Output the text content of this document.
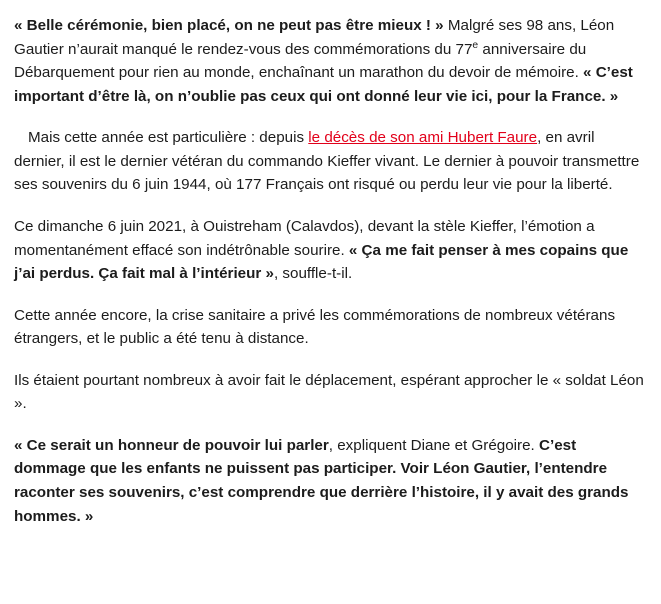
« Belle cérémonie, bien placé, on ne peut pas être mieux ! » Malgré ses 98 ans, Léon Gautier n’aurait manqué le rendez-vous des commémorations du 77e anniversaire du Débarquement pour rien au monde, enchaînant un marathon du devoir de mémoire. « C’est important d’être là, on n’oublie pas ceux qui ont donné leur vie ici, pour la France. »

Mais cette année est particulière : depuis le décès de son ami Hubert Faure, en avril dernier, il est le dernier vétéran du commando Kieffer vivant. Le dernier à pouvoir transmettre ses souvenirs du 6 juin 1944, où 177 Français ont risqué ou perdu leur vie pour la liberté.

Ce dimanche 6 juin 2021, à Ouistreham (Calavdos), devant la stèle Kieffer, l’émotion a momentanément effacé son indétrônable sourire. « Ça me fait penser à mes copains que j’ai perdus. Ça fait mal à l’intérieur », souffle-t-il.

Cette année encore, la crise sanitaire a privé les commémorations de nombreux vétérans étrangers, et le public a été tenu à distance.

Ils étaient pourtant nombreux à avoir fait le déplacement, espérant approcher le « soldat Léon ».

« Ce serait un honneur de pouvoir lui parler, expliquent Diane et Grégoire. C’est dommage que les enfants ne puissent pas participer. Voir Léon Gautier, l’entendre raconter ses souvenirs, c’est comprendre que derrière l’histoire, il y avait des grands hommes. »
